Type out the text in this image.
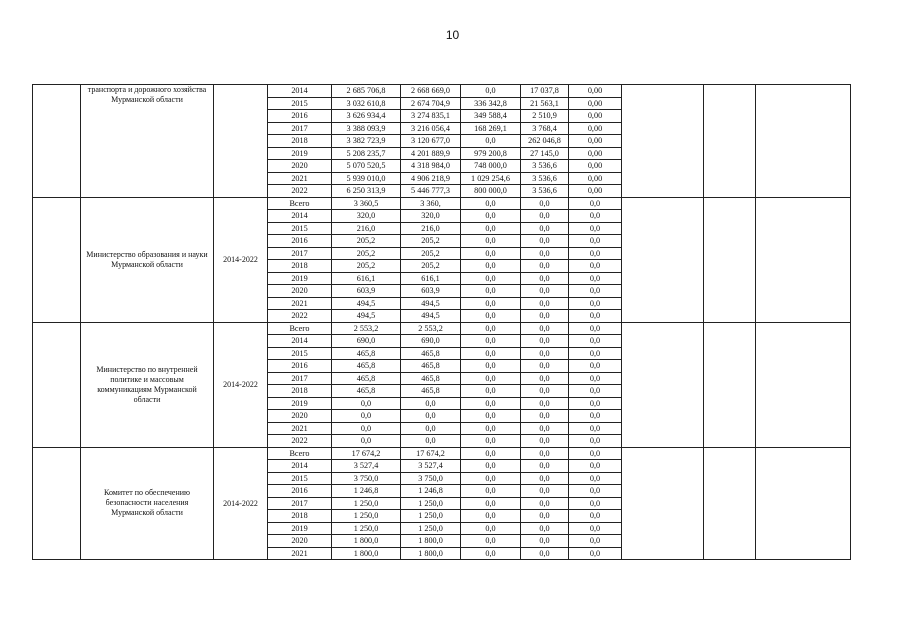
10
	транспорта и дорожного хозяйства Мурманской области		2014	2 685 706,8	2 668 669,0	0,0	17 037,8	0,00			
			2015	3 032 610,8	2 674 704,9	336 342,8	21 563,1	0,00			
			2016	3 626 934,4	3 274 835,1	349 588,4	2 510,9	0,00			
			2017	3 388 093,9	3 216 056,4	168 269,1	3 768,4	0,00			
			2018	3 382 723,9	3 120 677,0	0,0	262 046,8	0,00			
			2019	5 208 235,7	4 201 889,9	979 200,8	27 145,0	0,00			
			2020	5 070 520,5	4 318 984,0	748 000,0	3 536,6	0,00			
			2021	5 939 010,0	4 906 218,9	1 029 254,6	3 536,6	0,00			
			2022	6 250 313,9	5 446 777,3	800 000,0	3 536,6	0,00			
	Министерство образования и науки Мурманской области	2014-2022	Всего	3 360,5	3 360,	0,0	0,0	0,0			
			2014	320,0	320,0	0,0	0,0	0,0			
			2015	216,0	216,0	0,0	0,0	0,0			
			2016	205,2	205,2	0,0	0,0	0,0			
			2017	205,2	205,2	0,0	0,0	0,0			
			2018	205,2	205,2	0,0	0,0	0,0			
			2019	616,1	616,1	0,0	0,0	0,0			
			2020	603,9	603,9	0,0	0,0	0,0			
			2021	494,5	494,5	0,0	0,0	0,0			
			2022	494,5	494,5	0,0	0,0	0,0			
	Министерство по внутренней политике и массовым коммуникациям Мурманской области	2014-2022	Всего	2 553,2	2 553,2	0,0	0,0	0,0			
			2014	690,0	690,0	0,0	0,0	0,0			
			2015	465,8	465,8	0,0	0,0	0,0			
			2016	465,8	465,8	0,0	0,0	0,0			
			2017	465,8	465,8	0,0	0,0	0,0			
			2018	465,8	465,8	0,0	0,0	0,0			
			2019	0,0	0,0	0,0	0,0	0,0			
			2020	0,0	0,0	0,0	0,0	0,0			
			2021	0,0	0,0	0,0	0,0	0,0			
			2022	0,0	0,0	0,0	0,0	0,0			
	Комитет по обеспечению безопасности населения Мурманской области	2014-2022	Всего	17 674,2	17 674,2	0,0	0,0	0,0			
			2014	3 527,4	3 527,4	0,0	0,0	0,0			
			2015	3 750,0	3 750,0	0,0	0,0	0,0			
			2016	1 246,8	1 246,8	0,0	0,0	0,0			
			2017	1 250,0	1 250,0	0,0	0,0	0,0			
			2018	1 250,0	1 250,0	0,0	0,0	0,0			
			2019	1 250,0	1 250,0	0,0	0,0	0,0			
			2020	1 800,0	1 800,0	0,0	0,0	0,0			
			2021	1 800,0	1 800,0	0,0	0,0	0,0			
